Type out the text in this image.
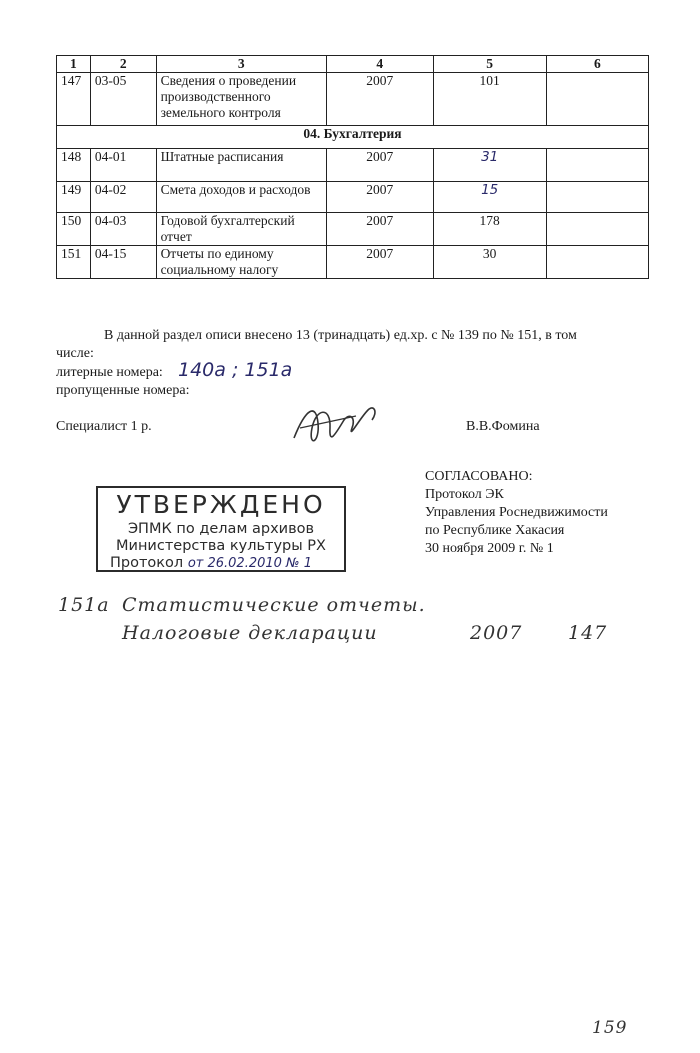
1	2	3	4	5	6
147	03-05	Сведения о проведении производственного земельного контроля	2007	101	
04. Бухгалтерия					
148	04-01	Штатные расписания	2007	31	
149	04-02	Смета доходов и расходов	2007	15	
150	04-03	Годовой бухгалтерский отчет	2007	178	
151	04-15	Отчеты по единому социальному налогу	2007	30	
В данной раздел описи внесено 13 (тринадцать) ед.хр. с № 139 по № 151, в том
числе:
литерные номера: 140а ; 151а
пропущенные номера:
Специалист 1 р.	В.В.Фомина
СОГЛАСОВАНО:
Протокол ЭК
Управления Роснедвижимости
по Республике Хакасия
30 ноября 2009 г. № 1
УТВЕРЖДЕНО
ЭПМК по делам архивов
Министерства культуры РХ
Протокол от 26.02.2010 № 1
151а Статистические отчеты.
Налоговые декларации	2007 147
159
